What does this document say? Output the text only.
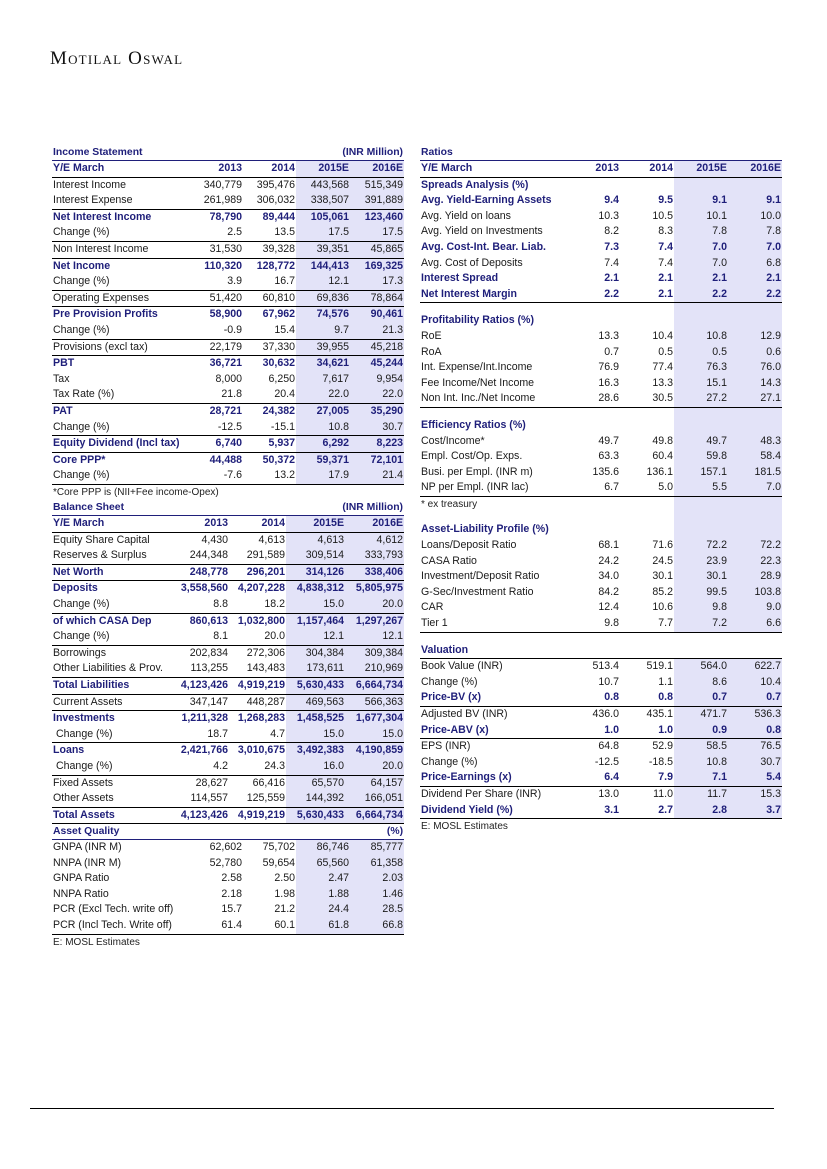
Motilal Oswal
Income Statement			(INR Million)	
Y/E March	2013	2014	2015E	2016E
Interest Income	340,779	395,476	443,568	515,349
Interest Expense	261,989	306,032	338,507	391,889
Net Interest Income	78,790	89,444	105,061	123,460
Change (%)	2.5	13.5	17.5	17.5
Non Interest Income	31,530	39,328	39,351	45,865
Net Income	110,320	128,772	144,413	169,325
Change (%)	3.9	16.7	12.1	17.3
Operating Expenses	51,420	60,810	69,836	78,864
Pre Provision Profits	58,900	67,962	74,576	90,461
Change (%)	-0.9	15.4	9.7	21.3
Provisions (excl tax)	22,179	37,330	39,955	45,218
PBT	36,721	30,632	34,621	45,244
Tax	8,000	6,250	7,617	9,954
Tax Rate (%)	21.8	20.4	22.0	22.0
PAT	28,721	24,382	27,005	35,290
Change (%)	-12.5	-15.1	10.8	30.7
Equity Dividend (Incl tax)	6,740	5,937	6,292	8,223
Core PPP*	44,488	50,372	59,371	72,101
Change (%)	-7.6	13.2	17.9	21.4
*Core PPP is (NII+Fee income-Opex)				
Balance Sheet			(INR Million)	
Y/E March	2013	2014	2015E	2016E
Equity Share Capital	4,430	4,613	4,613	4,612
Reserves & Surplus	244,348	291,589	309,514	333,793
Net Worth	248,778	296,201	314,126	338,406
Deposits	3,558,560	4,207,228	4,838,312	5,805,975
Change (%)	8.8	18.2	15.0	20.0
of which CASA Dep	860,613	1,032,800	1,157,464	1,297,267
Change (%)	8.1	20.0	12.1	12.1
Borrowings	202,834	272,306	304,384	309,384
Other Liabilities & Prov.	113,255	143,483	173,611	210,969
Total Liabilities	4,123,426	4,919,219	5,630,433	6,664,734
Current Assets	347,147	448,287	469,563	566,363
Investments	1,211,328	1,268,283	1,458,525	1,677,304
Change (%)	18.7	4.7	15.0	15.0
Loans	2,421,766	3,010,675	3,492,383	4,190,859
Change (%)	4.2	24.3	16.0	20.0
Fixed Assets	28,627	66,416	65,570	64,157
Other Assets	114,557	125,559	144,392	166,051
Total Assets	4,123,426	4,919,219	5,630,433	6,664,734
Asset Quality			(%)	
GNPA (INR M)	62,602	75,702	86,746	85,777
NNPA (INR M)	52,780	59,654	65,560	61,358
GNPA Ratio	2.58	2.50	2.47	2.03
NNPA Ratio	2.18	1.98	1.88	1.46
PCR (Excl Tech. write off)	15.7	21.2	24.4	28.5
PCR (Incl Tech. Write off)	61.4	60.1	61.8	66.8
E: MOSL Estimates				
Ratios				
Y/E March	2013	2014	2015E	2016E
Spreads Analysis (%)				
Avg. Yield-Earning Assets	9.4	9.5	9.1	9.1
Avg. Yield on loans	10.3	10.5	10.1	10.0
Avg. Yield on Investments	8.2	8.3	7.8	7.8
Avg. Cost-Int. Bear. Liab.	7.3	7.4	7.0	7.0
Avg. Cost of Deposits	7.4	7.4	7.0	6.8
Interest Spread	2.1	2.1	2.1	2.1
Net Interest Margin	2.2	2.1	2.2	2.2

Profitability Ratios (%)				
RoE	13.3	10.4	10.8	12.9
RoA	0.7	0.5	0.5	0.6
Int. Expense/Int.Income	76.9	77.4	76.3	76.0
Fee Income/Net Income	16.3	13.3	15.1	14.3
Non Int. Inc./Net Income	28.6	30.5	27.2	27.1

Efficiency Ratios (%)				
Cost/Income*	49.7	49.8	49.7	48.3
Empl. Cost/Op. Exps.	63.3	60.4	59.8	58.4
Busi. per Empl. (INR m)	135.6	136.1	157.1	181.5
NP per Empl. (INR lac)	6.7	5.0	5.5	7.0
* ex treasury				

Asset-Liability Profile (%)				
Loans/Deposit Ratio	68.1	71.6	72.2	72.2
CASA Ratio	24.2	24.5	23.9	22.3
Investment/Deposit Ratio	34.0	30.1	30.1	28.9
G-Sec/Investment Ratio	84.2	85.2	99.5	103.8
CAR	12.4	10.6	9.8	9.0
Tier 1	9.8	7.7	7.2	6.6

Valuation				
Book Value (INR)	513.4	519.1	564.0	622.7
Change (%)	10.7	1.1	8.6	10.4
Price-BV (x)	0.8	0.8	0.7	0.7
Adjusted BV (INR)	436.0	435.1	471.7	536.3
Price-ABV (x)	1.0	1.0	0.9	0.8
EPS (INR)	64.8	52.9	58.5	76.5
Change (%)	-12.5	-18.5	10.8	30.7
Price-Earnings (x)	6.4	7.9	7.1	5.4
Dividend Per Share (INR)	13.0	11.0	11.7	15.3
Dividend Yield (%)	3.1	2.7	2.8	3.7
E: MOSL Estimates				
